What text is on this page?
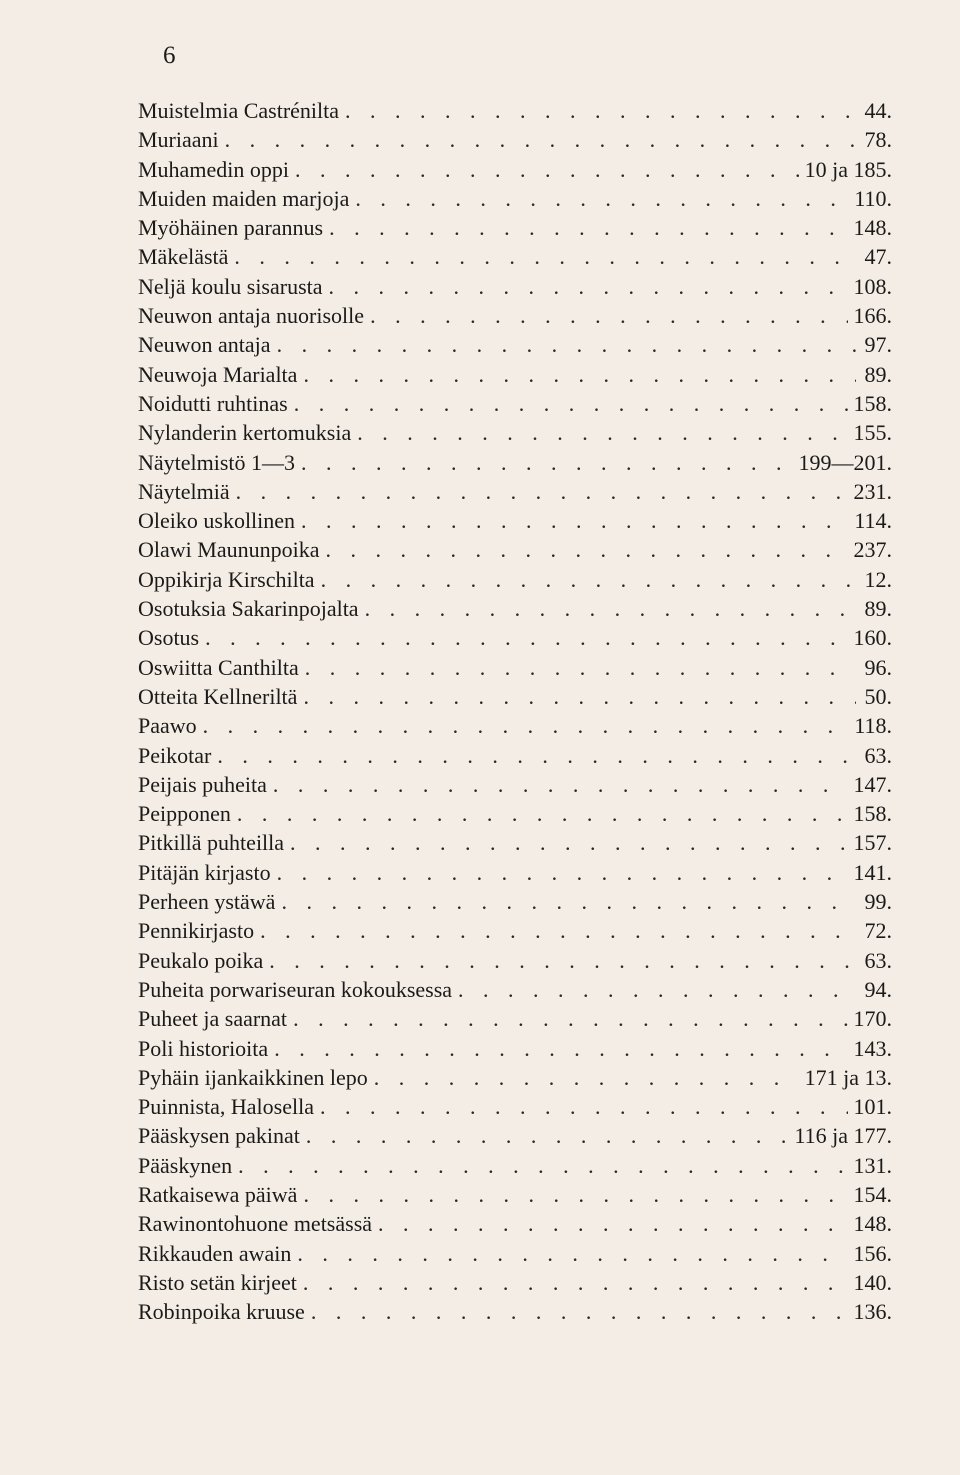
6
Muistelmia Castrénilta . . .	44.
Muriaani . . .	78.
Muhamedin oppi . . .	10 ja 185.
Muiden maiden marjoja . . .	110.
Myöhäinen parannus . . .	148.
Mäkelästä . . .	47.
Neljä koulu sisarusta . . .	108.
Neuwon antaja nuorisolle . . .	166.
Neuwon antaja . . .	97.
Neuwoja Marialta . . .	89.
Noidutti ruhtinas . . .	158.
Nylanderin kertomuksia . . .	155.
Näytelmistö 1—3 . . .	199—201.
Näytelmiä . . .	231.
Oleiko uskollinen . . .	114.
Olawi Maununpoika . . .	237.
Oppikirja Kirschilta . . .	12.
Osotuksia Sakarinpojalta . . .	89.
Osotus . . .	160.
Oswiitta Canthilta . . .	96.
Otteita Kellneriltä . . .	50.
Paawo . . .	118.
Peikotar . . .	63.
Peijais puheita . . .	147.
Peipponen . . .	158.
Pitkillä puhteilla . . .	157.
Pitäjän kirjasto . . .	141.
Perheen ystäwä . . .	99.
Pennikirjasto . . .	72.
Peukalo poika . . .	63.
Puheita porwariseuran kokouksessa . . .	94.
Puheet ja saarnat . . .	170.
Poli historioita . . .	143.
Pyhäin ijankaikkinen lepo . . .	171 ja 13.
Puinnista, Halosella . . .	101.
Pääskysen pakinat . . .	116 ja 177.
Pääskynen . . .	131.
Ratkaisewa päiwä . . .	154.
Rawinontohuone metsässä . . .	148.
Rikkauden awain . . .	156.
Risto setän kirjeet . . .	140.
Robinpoika kruuse . . .	136.
